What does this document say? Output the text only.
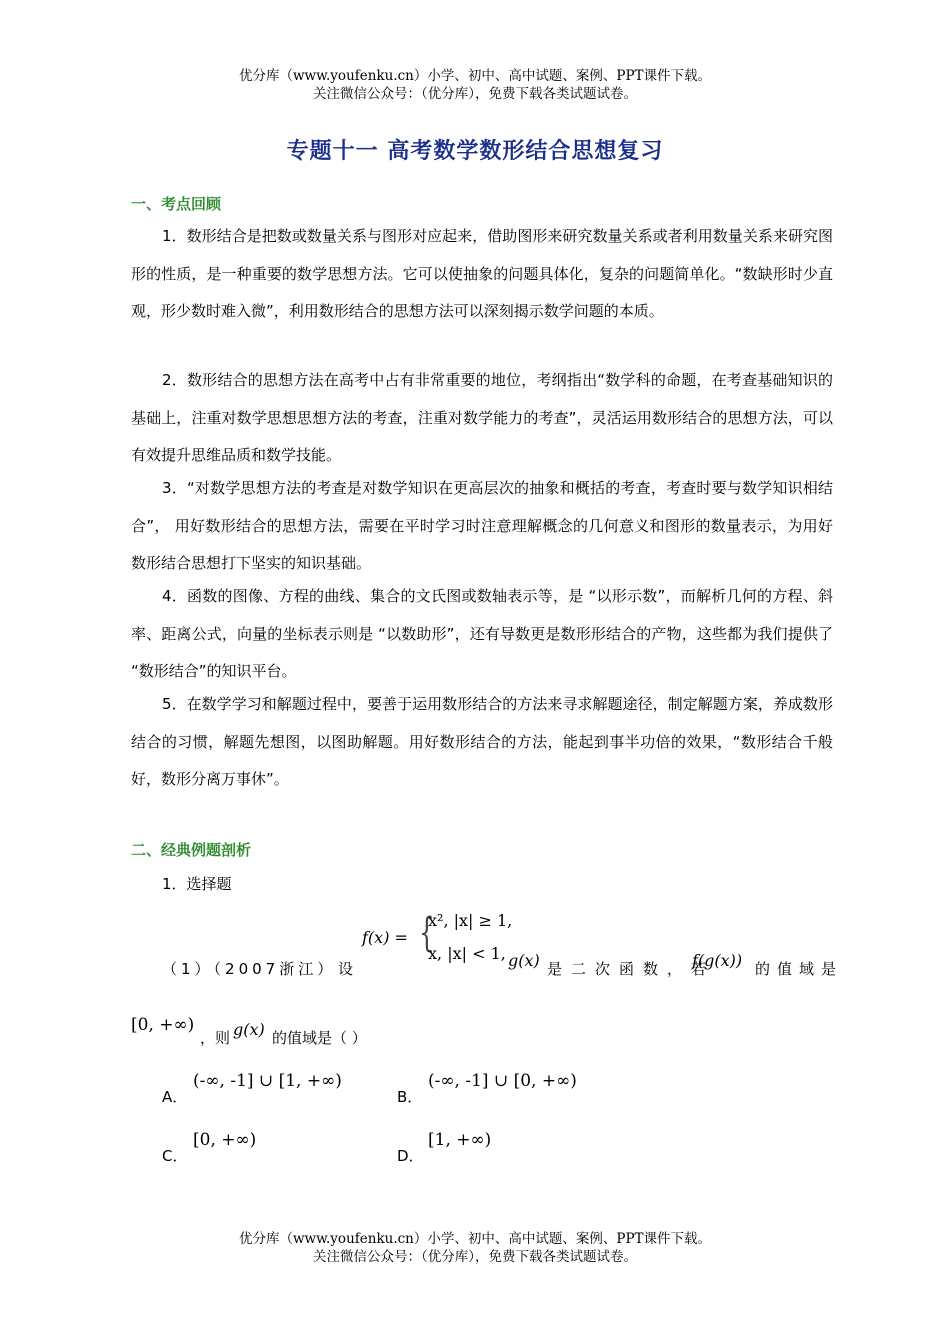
优分库（www.youfenku.cn）小学、初中、高中试题、案例、PPT课件下载。
关注微信公众号：（优分库），免费下载各类试题试卷。
专题十一 高考数学数形结合思想复习
一、考点回顾

1．数形结合是把数或数量关系与图形对应起来，借助图形来研究数量关系或者利用数量关系来研究图形的性质，是一种重要的数学思想方法。它可以使抽象的问题具体化，复杂的问题简单化。“数缺形时少直观，形少数时难入微”，利用数形结合的思想方法可以深刻揭示数学问题的本质。

2．数形结合的思想方法在高考中占有非常重要的地位，考纲指出“数学科的命题，在考查基础知识的基础上，注重对数学思想思想方法的考查，注重对数学能力的考查”，灵活运用数形结合的思想方法，可以有效提升思维品质和数学技能。

3．“对数学思想方法的考查是对数学知识在更高层次的抽象和概括的考查，考查时要与数学知识相结合”， 用好数形结合的思想方法，需要在平时学习时注意理解概念的几何意义和图形的数量表示，为用好数形结合思想打下坚实的知识基础。

4．函数的图像、方程的曲线、集合的文氏图或数轴表示等，是 “以形示数”，而解析几何的方程、斜率、距离公式，向量的坐标表示则是 “以数助形”，还有导数更是数形形结合的产物，这些都为我们提供了 “数形结合”的知识平台。

5．在数学学习和解题过程中，要善于运用数形结合的方法来寻求解题途径，制定解题方案，养成数形结合的习惯，解题先想图，以图助解题。用好数形结合的方法，能起到事半功倍的效果，“数形结合千般好，数形分离万事休”。

二、经典例题剖析
1．选择题
（1）（2007浙江） 设
f(x) = {
x², |x| ≥ 1,
x, |x| < 1, g(x) 是二次函数，若
f(g(x)) 的值域是
[0, +∞)
，则 g(x) 的值域是（ ）
A．
(-∞, -1] ∪ [1, +∞)
B．
(-∞, -1] ∪ [0, +∞)
C．
[0, +∞)
D．
[1, +∞)
优分库（www.youfenku.cn）小学、初中、高中试题、案例、PPT课件下载。
关注微信公众号：（优分库），免费下载各类试题试卷。
